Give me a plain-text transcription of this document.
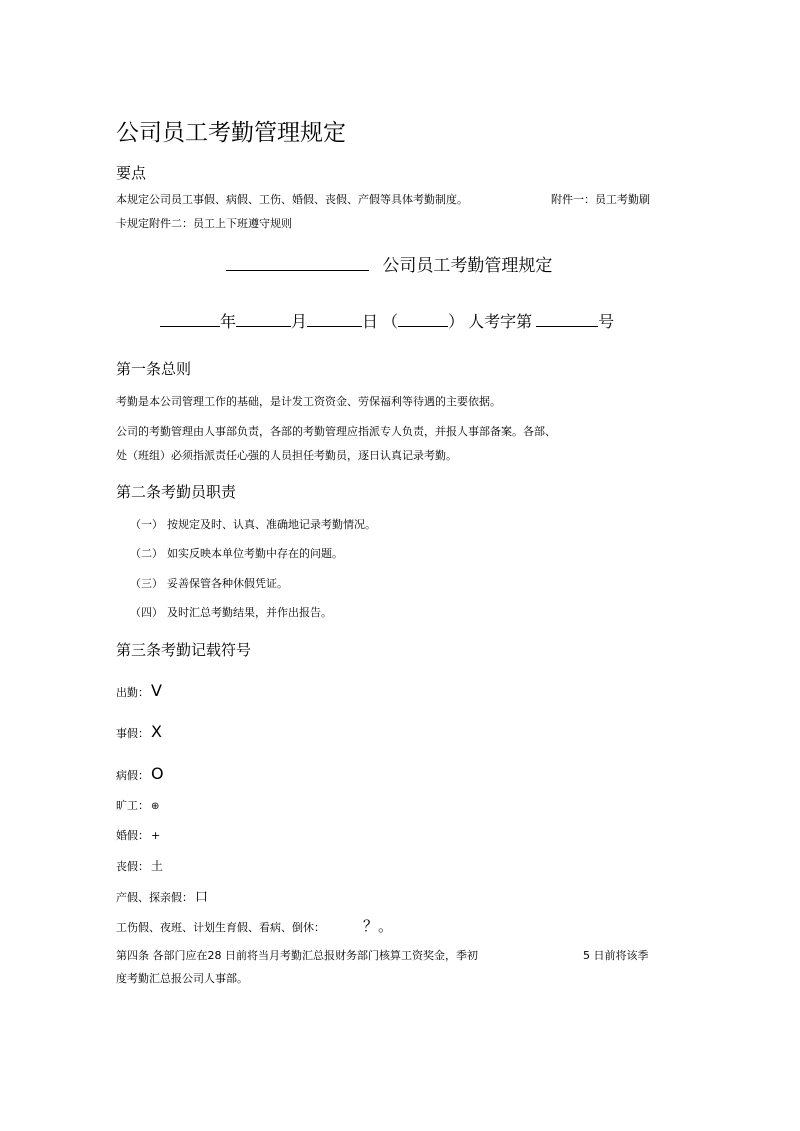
公司员工考勤管理规定
要点
本规定公司员工事假、病假、工伤、婚假、丧假、产假等具体考勤制度。	附件一：员工考勤刷
卡规定附件二：员工上下班遵守规则
公司员工考勤管理规定
年	月	日 （	） 人考字第	号
第一条总则
考勤是本公司管理工作的基础，是计发工资资金、劳保福利等待遇的主要依据。
公司的考勤管理由人事部负责，各部的考勤管理应指派专人负责，并报人事部备案。各部、
处（班组）必须指派责任心强的人员担任考勤员，逐日认真记录考勤。
第二条考勤员职责
（一） 按规定及时、认真、准确地记录考勤情况。
（二） 如实反映本单位考勤中存在的问题。
（三） 妥善保管各种休假凭证。
（四） 及时汇总考勤结果，并作出报告。
第三条考勤记载符号
出勤： V
事假： X
病假： O
旷工： ⊕
婚假： +
丧假： 土
产假、探亲假： 口
工伤假、夜班、计划生育假、看病、倒休：	？。
第四条 各部门应在28 日前将当月考勤汇总报财务部门核算工资奖金，季初	5 日前将该季
度考勤汇总报公司人事部。
